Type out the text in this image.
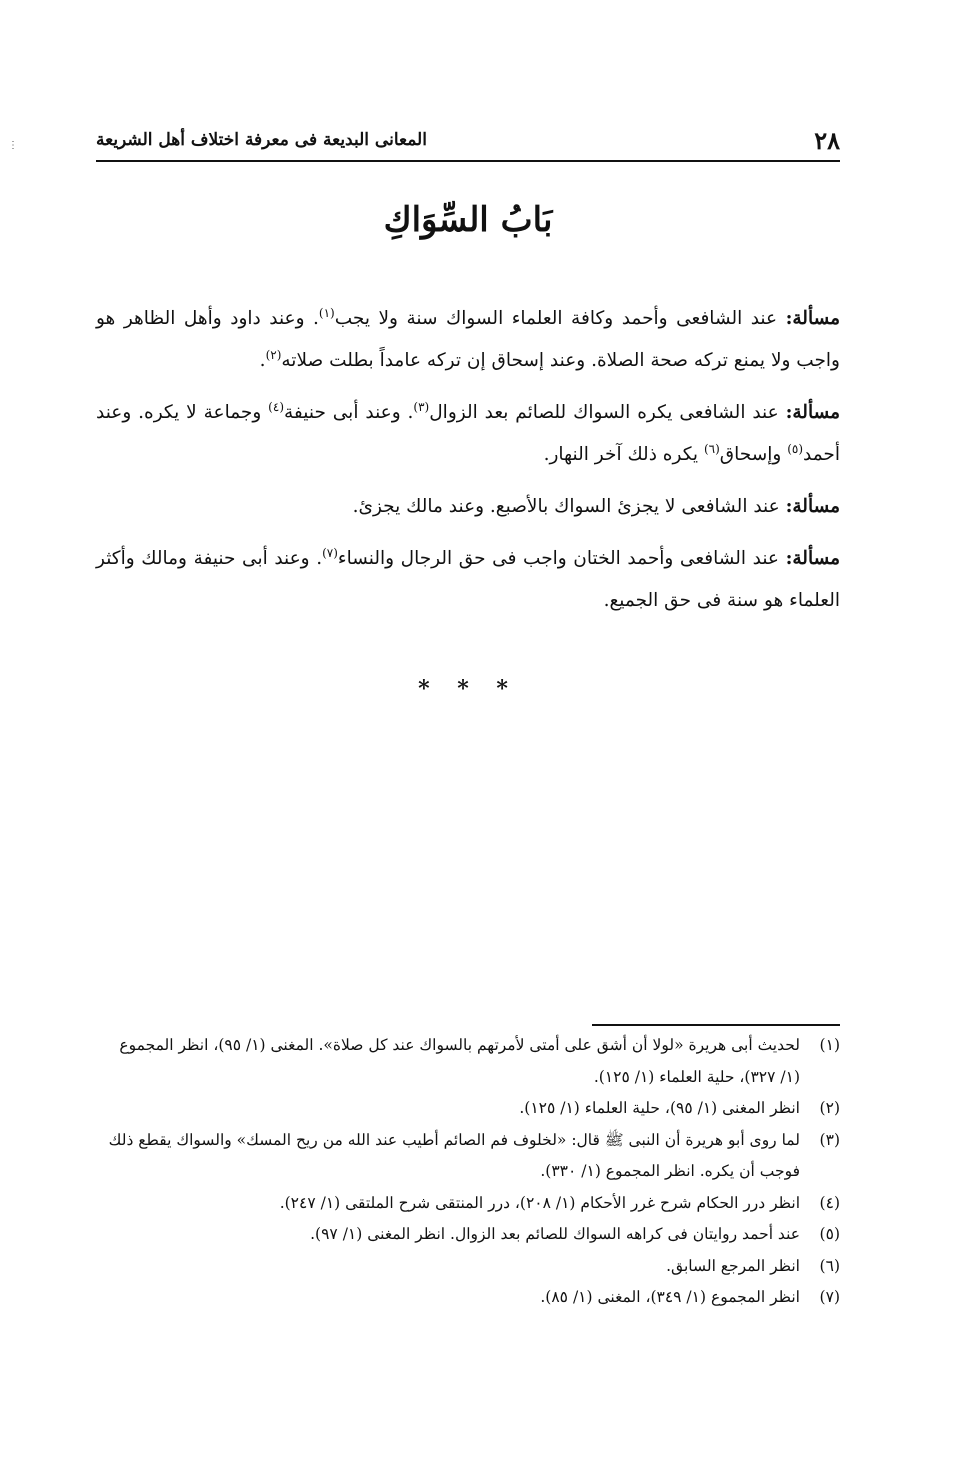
⋮	٢٨
المعانى البديعة فى معرفة اختلاف أهل الشريعة
بَابُ السِّوَاكِ

مسألة: عند الشافعى وأحمد وكافة العلماء السواك سنة ولا يجب$^{(١)}$. وعند داود وأهل الظاهر هو واجب ولا يمنع تركه صحة الصلاة. وعند إسحاق إن تركه عامداً بطلت صلاته$^{(٢)}$.

مسألة: عند الشافعى يكره السواك للصائم بعد الزوال$^{(٣)}$. وعند أبى حنيفة$^{(٤)}$ وجماعة لا يكره. وعند أحمد$^{(٥)}$ وإسحاق$^{(٦)}$ يكره ذلك آخر النهار.

مسألة: عند الشافعى لا يجزئ السواك بالأصبع. وعند مالك يجزئ.

مسألة: عند الشافعى وأحمد الختان واجب فى حق الرجال والنساء$^{(٧)}$. وعند أبى حنيفة ومالك وأكثر العلماء هو سنة فى حق الجميع.

* * *

(١)لحديث أبى هريرة «لولا أن أشق على أمتى لأمرتهم بالسواك عند كل صلاة». المغنى (١/ ٩٥)، انظر المجموع (١/ ٣٢٧)، حلية العلماء (١/ ١٢٥).

(٢)انظر المغنى (١/ ٩٥)، حلية العلماء (١/ ١٢٥).

(٣)لما روى أبو هريرة أن النبى ﷺ قال: «لخلوف فم الصائم أطيب عند الله من ريح المسك» والسواك يقطع ذلك فوجب أن يكره. انظر المجموع (١/ ٣٣٠).

(٤)انظر درر الحكام شرح غرر الأحكام (١/ ٢٠٨)، درر المنتقى شرح الملتقى (١/ ٢٤٧).

(٥)عند أحمد روايتان فى كراهه السواك للصائم بعد الزوال. انظر المغنى (١/ ٩٧).

(٦)انظر المرجع السابق.

(٧)انظر المجموع (١/ ٣٤٩)، المغنى (١/ ٨٥).
